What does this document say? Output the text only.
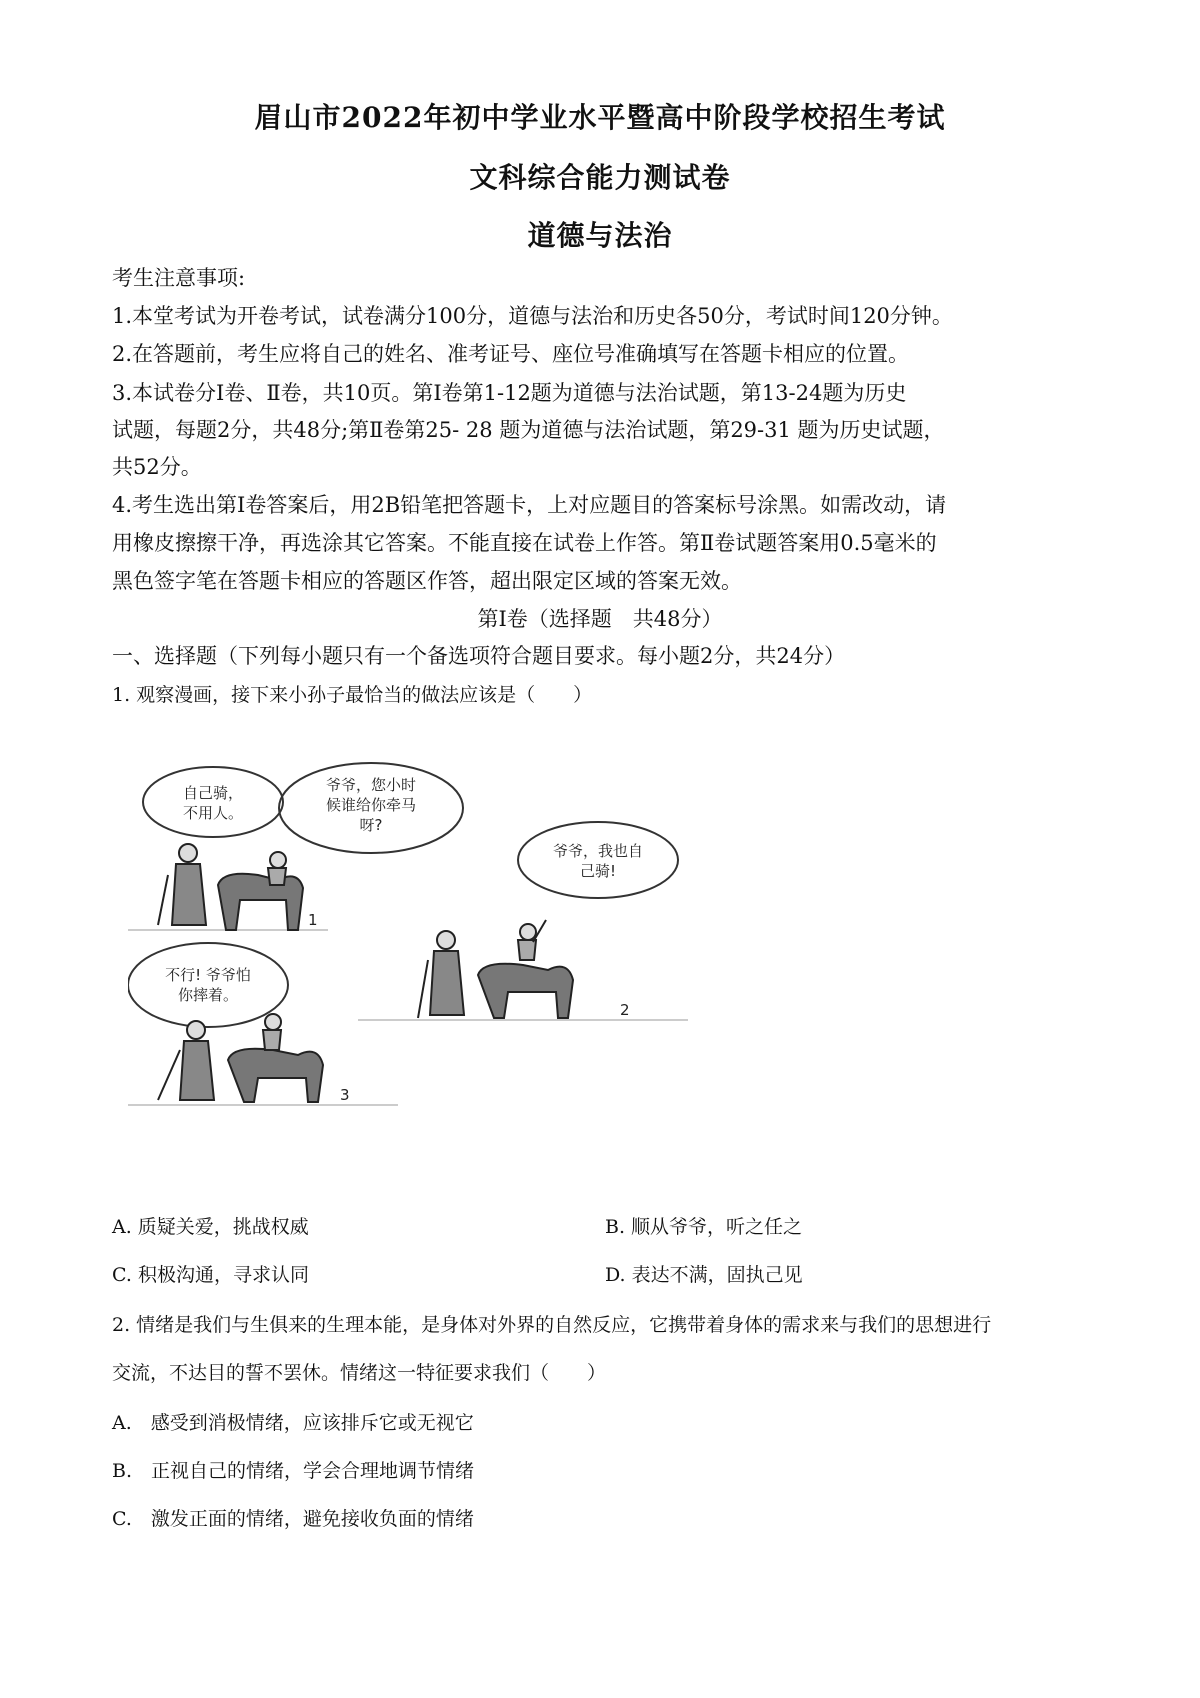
眉山市2022年初中学业水平暨高中阶段学校招生考试
文科综合能力测试卷
道德与法治
考生注意事项:
1.本堂考试为开卷考试，试卷满分100分，道德与法治和历史各50分，考试时间120分钟。
2.在答题前，考生应将自己的姓名、准考证号、座位号准确填写在答题卡相应的位置。
3.本试卷分Ⅰ卷、Ⅱ卷，共10页。第Ⅰ卷第1-12题为道德与法治试题，第13-24题为历史
试题，每题2分，共48分;第Ⅱ卷第25- 28 题为道德与法治试题，第29-31 题为历史试题，
共52分。
4.考生选出第Ⅰ卷答案后，用2B铅笔把答题卡，上对应题目的答案标号涂黑。如需改动，请
用橡皮擦擦干净，再选涂其它答案。不能直接在试卷上作答。第Ⅱ卷试题答案用0.5毫米的
黑色签字笔在答题卡相应的答题区作答，超出限定区域的答案无效。
第Ⅰ卷（选择题　共48分）
一、选择题（下列每小题只有一个备选项符合题目要求。每小题2分，共24分）
1. 观察漫画，接下来小孙子最恰当的做法应该是（　　）
自己骑，
不用人。
爷爷，您小时
候谁给你牵马
呀?
爷爷，我也自
己骑!
不行! 爷爷怕
你摔着。
1
2
3
A. 质疑关爱，挑战权威	B. 顺从爷爷，听之任之
C. 积极沟通，寻求认同	D. 表达不满，固执己见
2. 情绪是我们与生俱来的生理本能，是身体对外界的自然反应，它携带着身体的需求来与我们的思想进行
交流，不达目的誓不罢休。情绪这一特征要求我们（　　）
A.　感受到消极情绪，应该排斥它或无视它
B.　正视自己的情绪，学会合理地调节情绪
C.　激发正面的情绪，避免接收负面的情绪
